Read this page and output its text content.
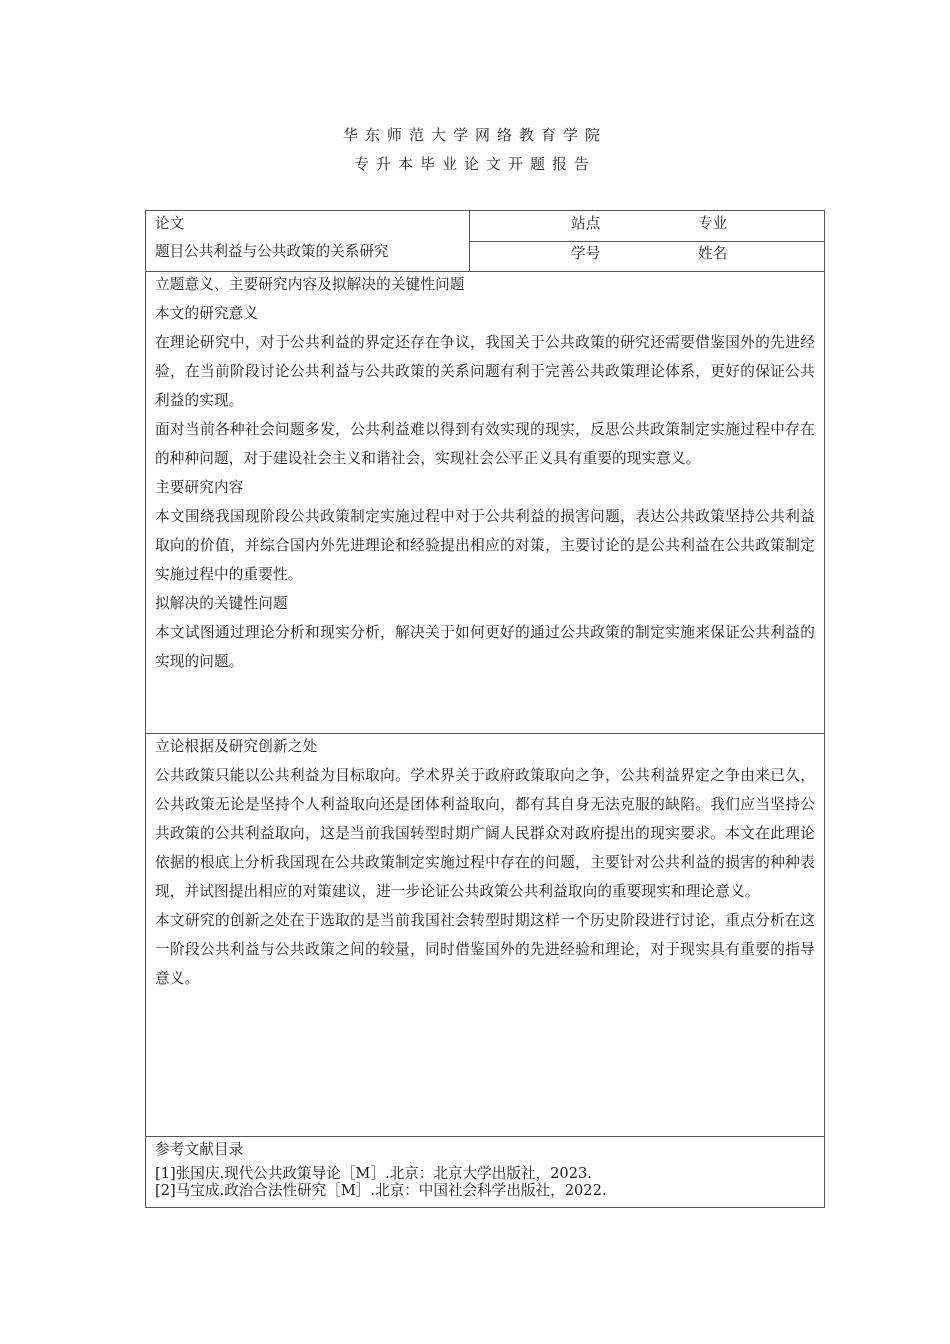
华东师范大学网络教育学院
专升本毕业论文开题报告
论文
题目公共利益与公共政策的关系研究
站点	专业
学号	姓名

立题意义、主要研究内容及拟解决的关键性问题

本文的研究意义

在理论研究中，对于公共利益的界定还存在争议，我国关于公共政策的研究还需要借鉴国外的先进经验，在当前阶段讨论公共利益与公共政策的关系问题有利于完善公共政策理论体系，更好的保证公共利益的实现。

面对当前各种社会问题多发，公共利益难以得到有效实现的现实，反思公共政策制定实施过程中存在的种种问题，对于建设社会主义和谐社会，实现社会公平正义具有重要的现实意义。

主要研究内容

本文围绕我国现阶段公共政策制定实施过程中对于公共利益的损害问题，表达公共政策坚持公共利益取向的价值，并综合国内外先进理论和经验提出相应的对策，主要讨论的是公共利益在公共政策制定实施过程中的重要性。

拟解决的关键性问题

本文试图通过理论分析和现实分析，解决关于如何更好的通过公共政策的制定实施来保证公共利益的实现的问题。

立论根据及研究创新之处

公共政策只能以公共利益为目标取向。学术界关于政府政策取向之争，公共利益界定之争由来已久，公共政策无论是坚持个人利益取向还是团体利益取向，都有其自身无法克服的缺陷。我们应当坚持公共政策的公共利益取向，这是当前我国转型时期广阔人民群众对政府提出的现实要求。本文在此理论依据的根底上分析我国现在公共政策制定实施过程中存在的问题，主要针对公共利益的损害的种种表现，并试图提出相应的对策建议，进一步论证公共政策公共利益取向的重要现实和理论意义。

本文研究的创新之处在于选取的是当前我国社会转型时期这样一个历史阶段进行讨论，重点分析在这一阶段公共利益与公共政策之间的较量，同时借鉴国外的先进经验和理论，对于现实具有重要的指导意义。

参考文献目录

[1]张国庆.现代公共政策导论［M］.北京：北京大学出版社，2023.

[2]马宝成.政治合法性研究［M］.北京：中国社会科学出版社，2022.
